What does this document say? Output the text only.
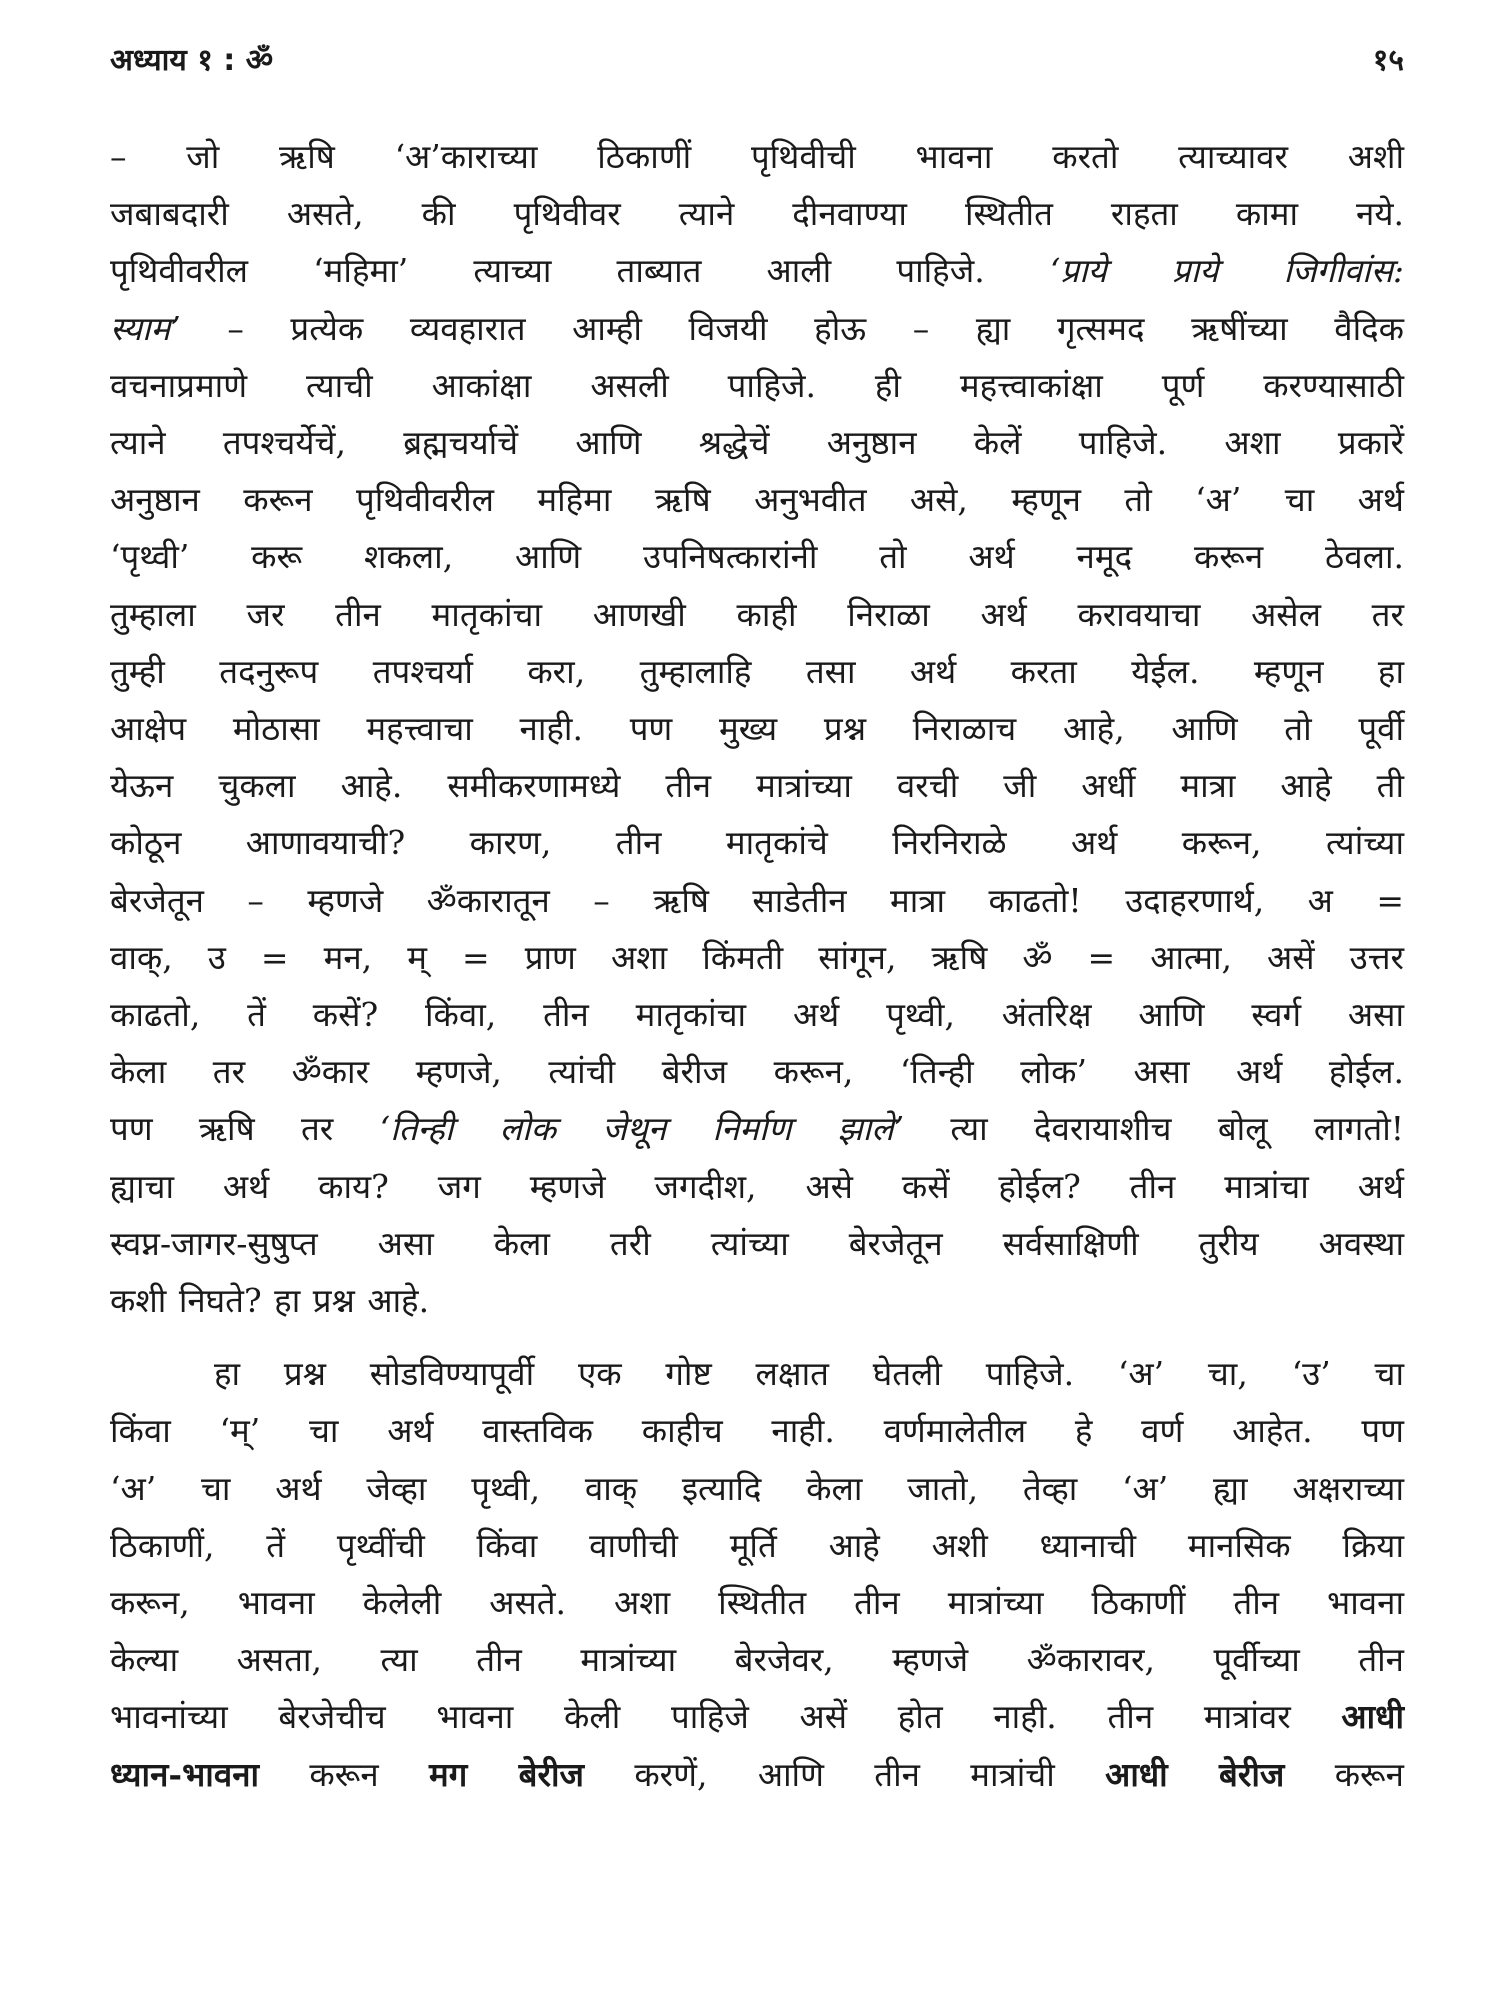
अध्याय १ : ॐ	१५
– जो ऋषि ‘अ’काराच्या ठिकाणीं पृथिवीची भावना करतो त्याच्यावर अशी
जबाबदारी असते, की पृथिवीवर त्याने दीनवाण्या स्थितीत राहता कामा नये.
पृथिवीवरील ‘महिमा’ त्याच्या ताब्यात आली पाहिजे. ‘प्राये प्राये जिगीवांस:
स्याम’ – प्रत्येक व्यवहारात आम्ही विजयी होऊ – ह्या गृत्समद ऋषींच्या वैदिक
वचनाप्रमाणे त्याची आकांक्षा असली पाहिजे. ही महत्त्वाकांक्षा पूर्ण करण्यासाठी
त्याने तपश्चर्येचें, ब्रह्मचर्याचें आणि श्रद्धेचें अनुष्ठान केलें पाहिजे. अशा प्रकारें
अनुष्ठान करून पृथिवीवरील महिमा ऋषि अनुभवीत असे, म्हणून तो ‘अ’ चा अर्थ
‘पृथ्वी’ करू शकला, आणि उपनिषत्कारांनी तो अर्थ नमूद करून ठेवला.
तुम्हाला जर तीन मातृकांचा आणखी काही निराळा अर्थ करावयाचा असेल तर
तुम्ही तदनुरूप तपश्चर्या करा, तुम्हालाहि तसा अर्थ करता येईल. म्हणून हा
आक्षेप मोठासा महत्त्वाचा नाही. पण मुख्य प्रश्न निराळाच आहे, आणि तो पूर्वी
येऊन चुकला आहे. समीकरणामध्ये तीन मात्रांच्या वरची जी अर्धी मात्रा आहे ती
कोठून आणावयाची? कारण, तीन मातृकांचे निरनिराळे अर्थ करून, त्यांच्या
बेरजेतून – म्हणजे ॐकारातून – ऋषि साडेतीन मात्रा काढतो! उदाहरणार्थ, अ =
वाक्, उ = मन, म् = प्राण अशा किंमती सांगून, ऋषि ॐ = आत्मा, असें उत्तर
काढतो, तें कसें? किंवा, तीन मातृकांचा अर्थ पृथ्वी, अंतरिक्ष आणि स्वर्ग असा
केला तर ॐकार म्हणजे, त्यांची बेरीज करून, ‘तिन्ही लोक’ असा अर्थ होईल.
पण ऋषि तर ‘तिन्ही लोक जेथून निर्माण झाले’ त्या देवरायाशीच बोलू लागतो!
ह्याचा अर्थ काय? जग म्हणजे जगदीश, असे कसें होईल? तीन मात्रांचा अर्थ
स्वप्न-जागर-सुषुप्त असा केला तरी त्यांच्या बेरजेतून सर्वसाक्षिणी तुरीय अवस्था
कशी निघते? हा प्रश्न आहे.
हा प्रश्न सोडविण्यापूर्वी एक गोष्ट लक्षात घेतली पाहिजे. ‘अ’ चा, ‘उ’ चा
किंवा ‘म्’ चा अर्थ वास्तविक काहीच नाही. वर्णमालेतील हे वर्ण आहेत. पण
‘अ’ चा अर्थ जेव्हा पृथ्वी, वाक् इत्यादि केला जातो, तेव्हा ‘अ’ ह्या अक्षराच्या
ठिकाणीं, तें पृथ्वींची किंवा वाणीची मूर्ति आहे अशी ध्यानाची मानसिक क्रिया
करून, भावना केलेली असते. अशा स्थितीत तीन मात्रांच्या ठिकाणीं तीन भावना
केल्या असता, त्या तीन मात्रांच्या बेरजेवर, म्हणजे ॐकारावर, पूर्वीच्या तीन
भावनांच्या बेरजेचीच भावना केली पाहिजे असें होत नाही. तीन मात्रांवर आधी
ध्यान-भावना करून मग बेरीज करणें, आणि तीन मात्रांची आधी बेरीज करून
